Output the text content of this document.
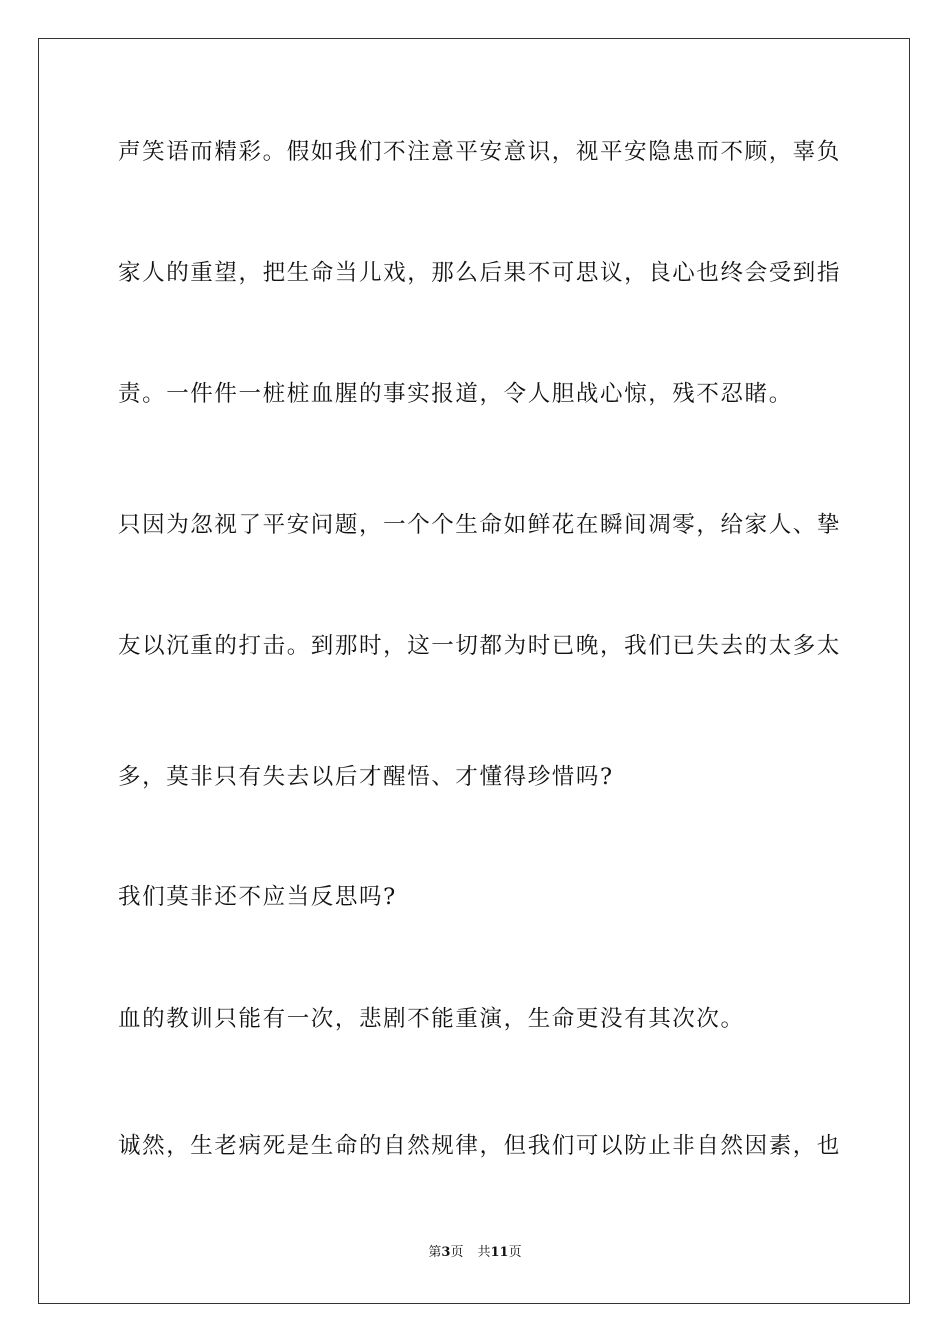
声笑语而精彩。假如我们不注意平安意识，视平安隐患而不顾，辜负
家人的重望，把生命当儿戏，那么后果不可思议，良心也终会受到指
责。一件件一桩桩血腥的事实报道，令人胆战心惊，残不忍睹。
只因为忽视了平安问题，一个个生命如鲜花在瞬间凋零，给家人、挚
友以沉重的打击。到那时，这一切都为时已晚，我们已失去的太多太
多，莫非只有失去以后才醒悟、才懂得珍惜吗?
我们莫非还不应当反思吗?
血的教训只能有一次，悲剧不能重演，生命更没有其次次。
诚然，生老病死是生命的自然规律，但我们可以防止非自然因素，也
第3页 共11页
